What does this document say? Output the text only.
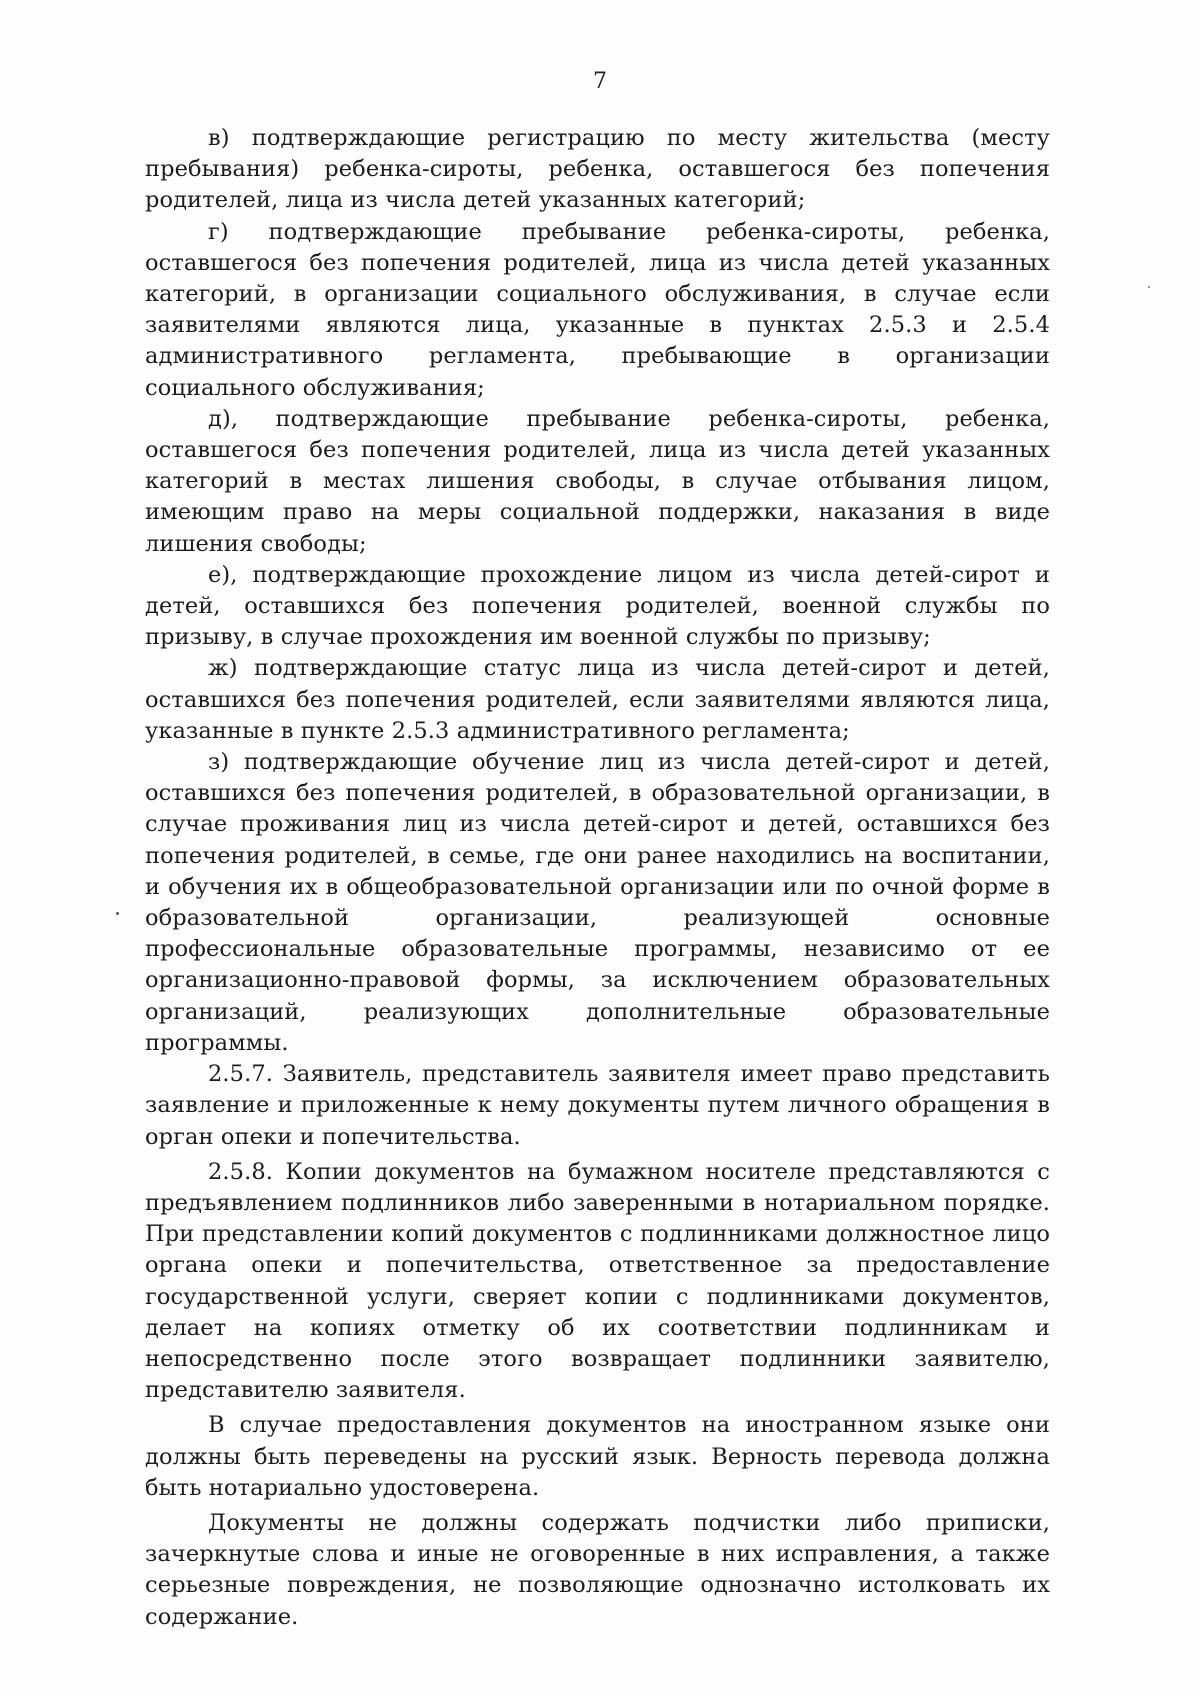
7

в) подтверждающие регистрацию по месту жительства (месту пребывания) ребенка-сироты, ребенка, оставшегося без попечения родителей, лица из числа детей указанных категорий;

г) подтверждающие пребывание ребенка-сироты, ребенка, оставшегося без попечения родителей, лица из числа детей указанных категорий, в организации социального обслуживания, в случае если заявителями являются лица, указанные в пунктах 2.5.3 и 2.5.4 административного регламента, пребывающие в организации социального обслуживания;

д), подтверждающие пребывание ребенка-сироты, ребенка, оставшегося без попечения родителей, лица из числа детей указанных категорий в местах лишения свободы, в случае отбывания лицом, имеющим право на меры социальной поддержки, наказания в виде лишения свободы;

е), подтверждающие прохождение лицом из числа детей-сирот и детей, оставшихся без попечения родителей, военной службы по призыву, в случае прохождения им военной службы по призыву;

ж) подтверждающие статус лица из числа детей-сирот и детей, оставшихся без попечения родителей, если заявителями являются лица, указанные в пункте 2.5.3 административного регламента;

з) подтверждающие обучение лиц из числа детей-сирот и детей, оставшихся без попечения родителей, в образовательной организации, в случае проживания лиц из числа детей-сирот и детей, оставшихся без попечения родителей, в семье, где они ранее находились на воспитании, и обучения их в общеобразовательной организации или по очной форме в образовательной организации, реализующей основные профессиональные образовательные программы, независимо от ее организационно-правовой формы, за исключением образовательных организаций, реализующих дополнительные образовательные программы.

2.5.7. Заявитель, представитель заявителя имеет право представить заявление и приложенные к нему документы путем личного обращения в орган опеки и попечительства.

2.5.8. Копии документов на бумажном носителе представляются с предъявлением подлинников либо заверенными в нотариальном порядке. При представлении копий документов с подлинниками должностное лицо органа опеки и попечительства, ответственное за предоставление государственной услуги, сверяет копии с подлинниками документов, делает на копиях отметку об их соответствии подлинникам и непосредственно после этого возвращает подлинники заявителю, представителю заявителя.

В случае предоставления документов на иностранном языке они должны быть переведены на русский язык. Верность перевода должна быть нотариально удостоверена.

Документы не должны содержать подчистки либо приписки, зачеркнутые слова и иные не оговоренные в них исправления, а также серьезные повреждения, не позволяющие однозначно истолковать их содержание.
